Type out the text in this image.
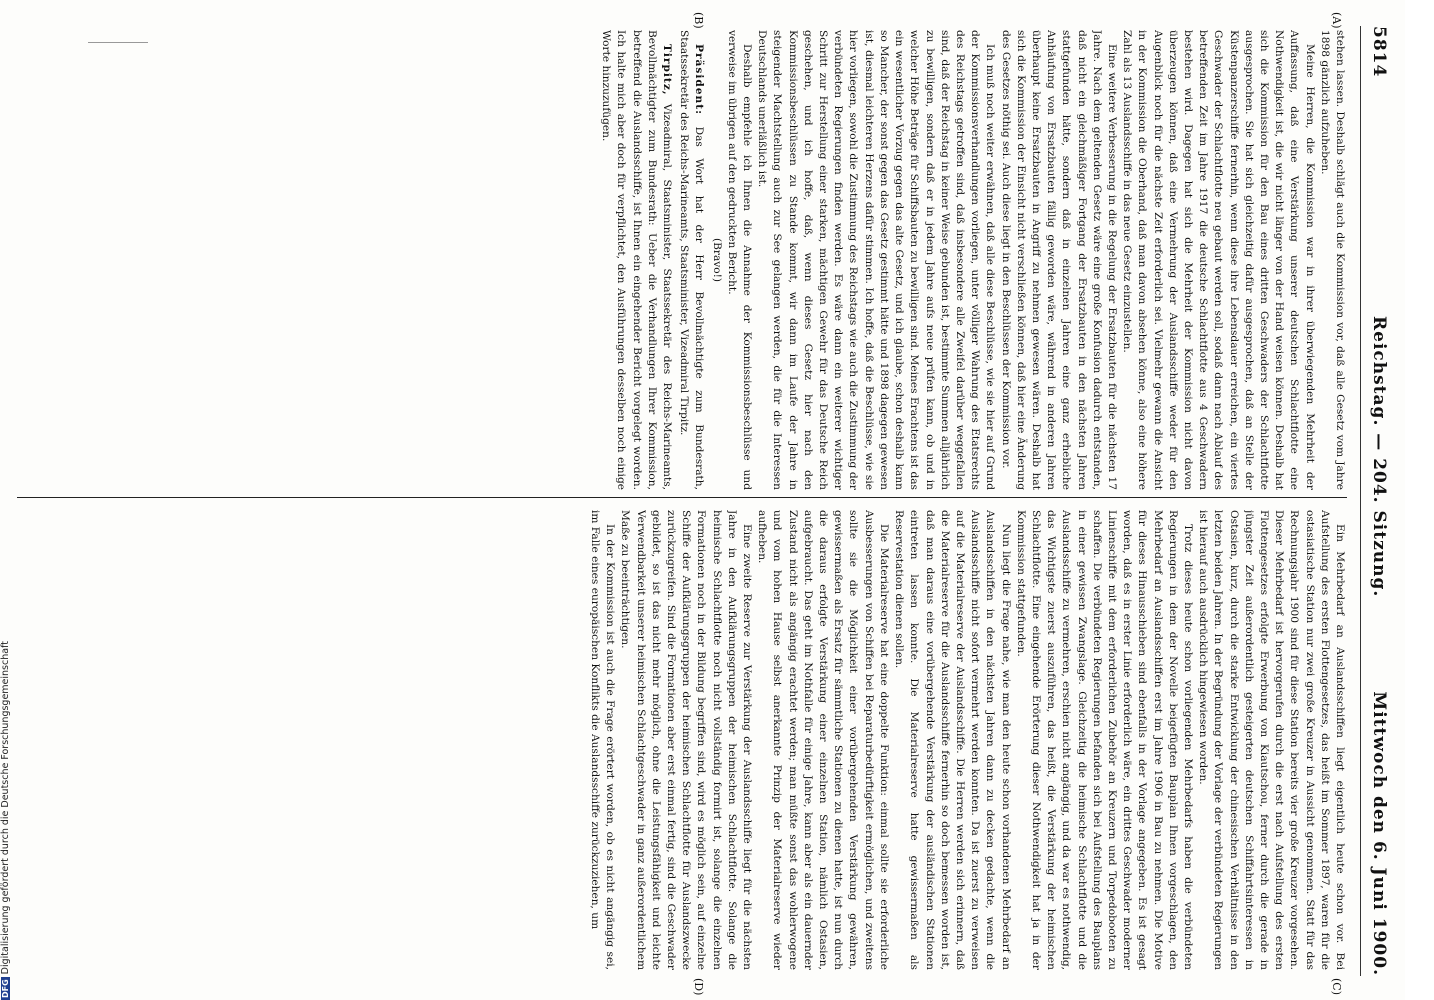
5814
Reichstag. — 204. Sitzung.
Mittwoch den 6. Juni 1900.
(A)
(B)
(C)
(D)

stehen lassen. Deshalb schlägt auch die Kommission vor, daß alle Gesetz vom Jahre 1898 gänzlich aufzuheben.

Meine Herren, die Kommission war in ihrer überwiegenden Mehrheit der Auffassung, daß eine Verstärkung unserer deutschen Schlachtflotte eine Nothwendigkeit ist, die wir nicht länger von der Hand weisen können. Deshalb hat sich die Kommission für den Bau eines dritten Geschwaders der Schlachtflotte ausgesprochen. Sie hat sich gleichzeitig dafür ausgesprochen, daß an Stelle der Küstenpanzerschiffe fernerhin, wenn diese ihre Lebensdauer erreichen, ein viertes Geschwader der Schlachtflotte neu gebaut werden soll, sodaß dann nach Ablauf des betreffenden Zeit im Jahre 1917 die deutsche Schlachtflotte aus 4 Geschwadern bestehen wird. Dagegen hat sich die Mehrheit der Kommission nicht davon überzeugen können, daß eine Vermehrung der Auslandsschiffe weder für den Augenblick noch für die nächste Zeit erforderlich sei. Vielmehr gewann die Ansicht in der Kommission die Oberhand, daß man davon absehen könne, also eine höhere Zahl als 13 Auslandsschiffe in das neue Gesetz einzustellen.

Eine weitere Verbesserung in die Regelung der Ersatzbauten für die nächsten 17 Jahre. Nach dem geltenden Gesetz wäre eine große Konfusion dadurch entstanden, daß nicht ein gleichmäßiger Fortgang der Ersatzbauten in den nächsten Jahren stattgefunden hätte, sondern daß in einzelnen Jahren eine ganz erhebliche Anhäufung von Ersatzbauten fällig geworden wäre, während in anderen Jahren überhaupt keine Ersatzbauten in Angriff zu nehmen gewesen wären. Deshalb hat sich die Kommission der Einsicht nicht verschließen können, daß hier eine Änderung des Gesetzes nöthig sei. Auch diese liegt in den Beschlüssen der Kommission vor.

Ich muß noch weiter erwähnen, daß alle diese Beschlüsse, wie sie hier auf Grund der Kommissionsverhandlungen vorliegen, unter völliger Wahrung des Etatsrechts des Reichstags getroffen sind, daß insbesondere alle Zweifel darüber weggefallen sind, daß der Reichstag in keiner Weise gebunden ist, bestimmte Summen alljährlich zu bewilligen, sondern daß er in jedem Jahre aufs neue prüfen kann, ob und in welcher Höhe Beträge für Schiffsbauten zu bewilligen sind. Meines Erachtens ist das ein wesentlicher Vorzug gegen das alte Gesetz, und ich glaube, schon deshalb kann so Mancher, der sonst gegen das Gesetz gestimmt hätte und 1898 dagegen gewesen ist, diesmal leichteren Herzens dafür stimmen. Ich hoffe, daß die Beschlüsse, wie sie hier vorliegen, sowohl die Zustimmung des Reichstags wie auch die Zustimmung der verbündeten Regierungen finden werden. Es wäre dann ein weiterer wichtiger Schritt zur Herstellung einer starken, mächtigen Gewehr für das Deutsche Reich geschehen, und ich hoffe, daß, wenn dieses Gesetz hier nach den Kommissionsbeschlüssen zu Stande kommt, wir dann im Laufe der Jahre in steigender Machtstellung auch zur See gelangen werden, die für die Interessen Deutschlands unerläßlich ist.

Deshalb empfehle ich Ihnen die Annahme der Kommissionsbeschlüsse und verweise im übrigen auf den gedruckten Bericht.

(Bravo!)

Präsident: Das Wort hat der Herr Bevollmächtigte zum Bundesrath, Staatssekretär des Reichs-Marineamts, Staatsminister, Vizeadmiral Tirpitz.

Tirpitz, Vizeadmiral, Staatsminister, Staatssekretär des Reichs-Marineamts, Bevollmächtigter zum Bundesrath: Ueber die Verhandlungen Ihrer Kommission, betreffend die Auslandsschiffe, ist Ihnen ein eingehender Bericht vorgelegt worden. Ich halte mich aber doch für verpflichtet, den Ausführungen desselben noch einige Worte hinzuzufügen.

Ein Mehrbedarf an Auslandsschiffen liegt eigentlich heute schon vor. Bei Aufstellung des ersten Flottengesetzes, das heißt im Sommer 1897, waren für die ostasiatische Station nur zwei große Kreuzer in Aussicht genommen. Statt für das Rechnungsjahr 1900 sind für diese Station bereits vier große Kreuzer vorgesehen. Dieser Mehrbedarf ist hervorgerufen durch die erst nach Aufstellung des ersten Flottengesetzes erfolgte Erwerbung von Kiautschou, ferner durch die gerade in jüngster Zeit außerordentlich gesteigerten deutschen Schiffahrtsinteressen in Ostasien, kurz, durch die starke Entwicklung der chinesischen Verhältnisse in den letzten beiden Jahren. In der Begründung der Vorlage der verbündeten Regierungen ist hierauf auch ausdrücklich hingewiesen worden.

Trotz dieses heute schon vorliegenden Mehrbedarfs haben die verbündeten Regierungen in dem der Novelle beigefügten Bauplan Ihnen vorgeschlagen, den Mehrbedarf an Auslandsschiffen erst im Jahre 1906 in Bau zu nehmen. Die Motive für dieses Hinausschieben sind ebenfalls in der Vorlage angegeben. Es ist gesagt worden, daß es in erster Linie erforderlich wäre, ein drittes Geschwader moderner Linienschiffe mit dem erforderlichen Zubehör an Kreuzern und Torpedobooten zu schaffen. Die verbündeten Regierungen befanden sich bei Aufstellung des Bauplans in einer gewissen Zwangslage. Gleichzeitig die heimische Schlachtflotte und die Auslandsschiffe zu vermehren, erschien nicht angängig, und da war es nothwendig, das Wichtigste zuerst auszuführen, das heißt, die Verstärkung der heimischen Schlachtflotte. Eine eingehende Erörterung dieser Nothwendigkeit hat ja in der Kommission stattgefunden.

Nun liegt die Frage nahe, wie man den heute schon vorhandenen Mehrbedarf an Auslandsschiffen in den nächsten Jahren dann zu decken gedachte, wenn die Auslandsschiffe nicht sofort vermehrt werden konnten. Da ist zuerst zu verweisen auf die Materialreserve der Auslandsschiffe. Die Herren werden sich erinnern, daß die Materialreserve für die Auslandsschiffe fernerhin so doch bemessen worden ist, daß man daraus eine vorübergehende Verstärkung der ausländischen Stationen eintreten lassen konnte. Die Materialreserve hatte gewissermaßen als Reservestation dienen sollen.

Die Materialreserve hat eine doppelte Funktion: einmal sollte sie erforderliche Ausbesserungen von Schiffen bei Reparaturbedürftigkeit ermöglichen, und zweitens sollte sie die Möglichkeit einer vorübergehenden Verstärkung gewähren, gewissermaßen als Ersatz für sämmtliche Stationen zu dienen hatte, ist nun durch die daraus erfolgte Verstärkung einer einzelnen Station, nämlich Ostasien, aufgebraucht. Das geht im Nothfalle für einige Jahre, kann aber als ein dauernder Zustand nicht als angängig erachtet werden; man müßte sonst das wohlerwogene und vom hohen Hause selbst anerkannte Prinzip der Materialreserve wieder aufheben.

Eine zweite Reserve zur Verstärkung der Auslandsschiffe liegt für die nächsten Jahre in den Aufklärungsgruppen der heimischen Schlachtflotte. Solange die heimische Schlachtflotte noch nicht vollständig formirt ist, solange die einzelnen Formationen noch in der Bildung begriffen sind, wird es möglich sein, auf einzelne Schiffe der Aufklärungsgruppen der heimischen Schlachtflotte für Auslandszwecke zurückzugreifen. Sind die Formationen aber erst einmal fertig, sind die Geschwader gebildet, so ist das nicht mehr möglich, ohne die Leistungsfähigkeit und leichte Verwendbarkeit unserer heimischen Schlachtgeschwader in ganz außerordentlichem Maße zu beeinträchtigen.

In der Kommission ist auch die Frage erörtert worden, ob es nicht angängig sei, im Falle eines europäischen Konflikts die Auslandsschiffe zurückzuziehen, um

DFGDigitalisierung gefördert durch die Deutsche Forschungsgemeinschaft
